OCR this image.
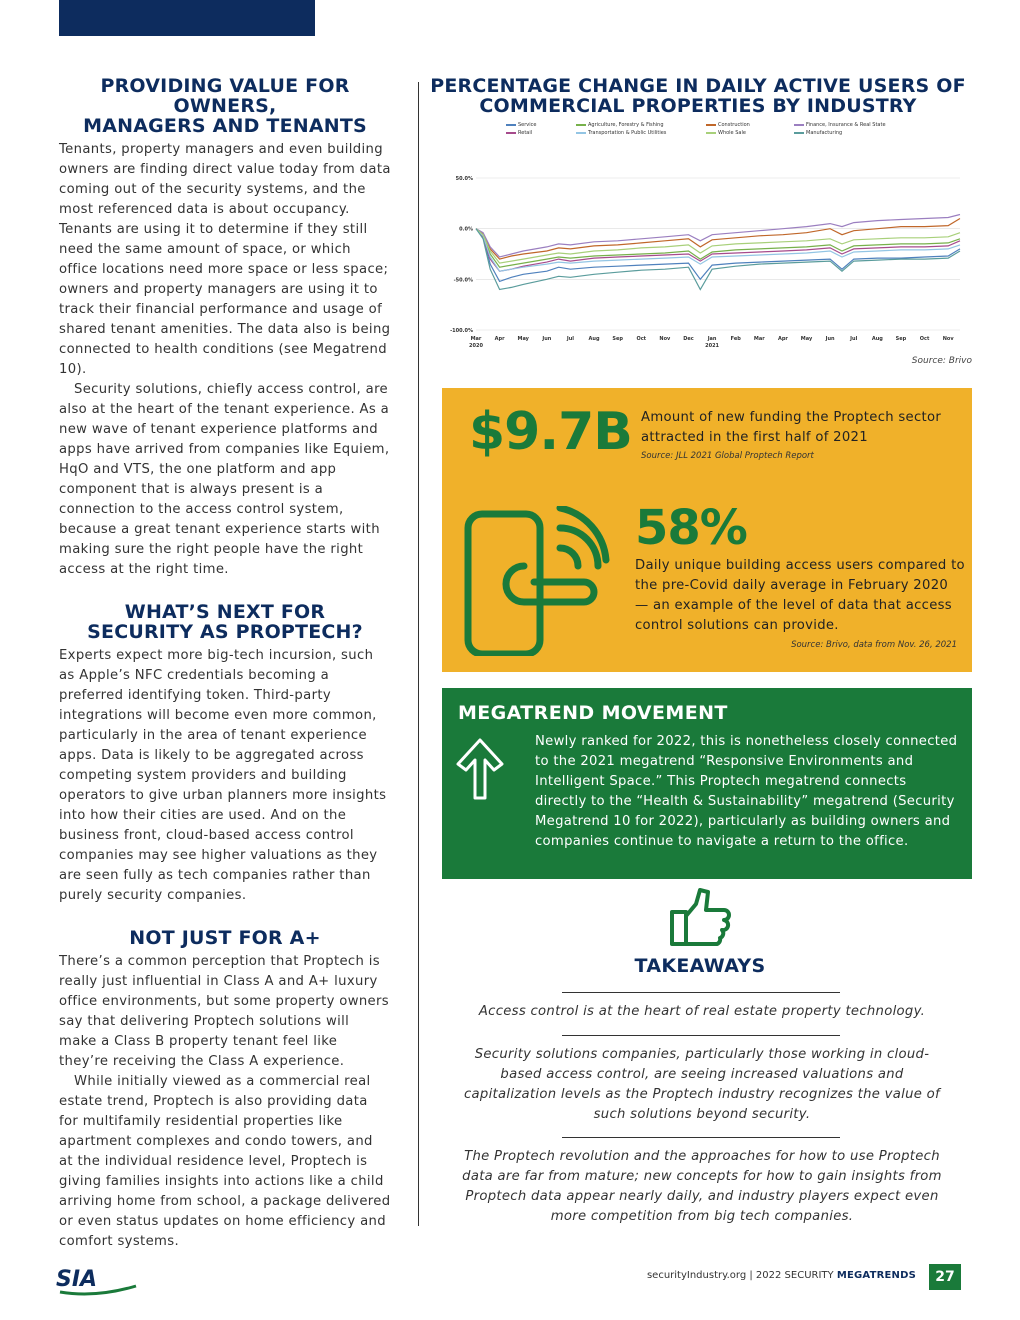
PROVIDING VALUE FOR OWNERS,
MANAGERS AND TENANTS

Tenants, property managers and even building owners are finding direct value today from data coming out of the security systems, and the most referenced data is about occupancy. Tenants are using it to determine if they still need the same amount of space, or which office locations need more space or less space; owners and property managers are using it to track their financial performance and usage of shared tenant amenities. The data also is being connected to health conditions (see Megatrend 10).

Security solutions, chiefly access control, are also at the heart of the tenant experience. As a new wave of tenant experience platforms and apps have arrived from companies like Equiem, HqO and VTS, the one platform and app component that is always present is a connection to the access control system, because a great tenant experience starts with making sure the right people have the right access at the right time.

WHAT’S NEXT FOR
SECURITY AS PROPTECH?

Experts expect more big-tech incursion, such as Apple’s NFC credentials becoming a preferred identifying token. Third-party integrations will become even more common, particularly in the area of tenant experience apps. Data is likely to be aggregated across competing system providers and building operators to give urban planners more insights into how their cities are used. And on the business front, cloud-based access control companies may see higher valuations as they are seen fully as tech companies rather than purely security companies.

NOT JUST FOR A+

There’s a common perception that Proptech is really just influential in Class A and A+ luxury office environments, but some property owners say that delivering Proptech solutions will make a Class B property tenant feel like they’re receiving the Class A experience.

While initially viewed as a commercial real estate trend, Proptech is also providing data for multifamily residential properties like apartment complexes and condo towers, and at the individual residence level, Proptech is giving families insights into actions like a child arriving home from school, a package delivered or even status updates on home efficiency and comfort systems.

PERCENTAGE CHANGE IN DAILY ACTIVE USERS OF
COMMERCIAL PROPERTIES BY INDUSTRY
Service	Agriculture, Forestry & Fishing	Construction	Finance, Insurance & Real State
Retail	Transportation & Public Utilities	Whole Sale	Manufacturing
50.0%
0.0%
-50.0%
-100.0%
Mar
2020
Apr	May	Jun	Jul	Aug	Sep	Oct	Nov	Dec	Jan
2021
Feb	Mar	Apr	May	Jun	Jul	Aug	Sep	Oct	Nov
Source: Brivo
$9.7B Amount of new funding the Proptech sector attracted in the first half of 2021
Source: JLL 2021 Global Proptech Report
58%
Daily unique building access users compared to the pre-Covid daily average in February 2020 — an example of the level of data that access control solutions can provide.
Source: Brivo, data from Nov. 26, 2021
MEGATREND MOVEMENT
Newly ranked for 2022, this is nonetheless closely connected to the 2021 megatrend “Responsive Environments and Intelligent Space.” This Proptech megatrend connects directly to the “Health & Sustainability” megatrend (Security Megatrend 10 for 2022), particularly as building owners and companies continue to navigate a return to the office.
TAKEAWAYS
Access control is at the heart of real estate property technology.
Security solutions companies, particularly those working in cloud-based access control, are seeing increased valuations and capitalization levels as the Proptech industry recognizes the value of such solutions beyond security.
The Proptech revolution and the approaches for how to use Proptech data are far from mature; new concepts for how to gain insights from Proptech data appear nearly daily, and industry players expect even more competition from big tech companies.
SIA	securityIndustry.org | 2022 SECURITY MEGATRENDS	27
